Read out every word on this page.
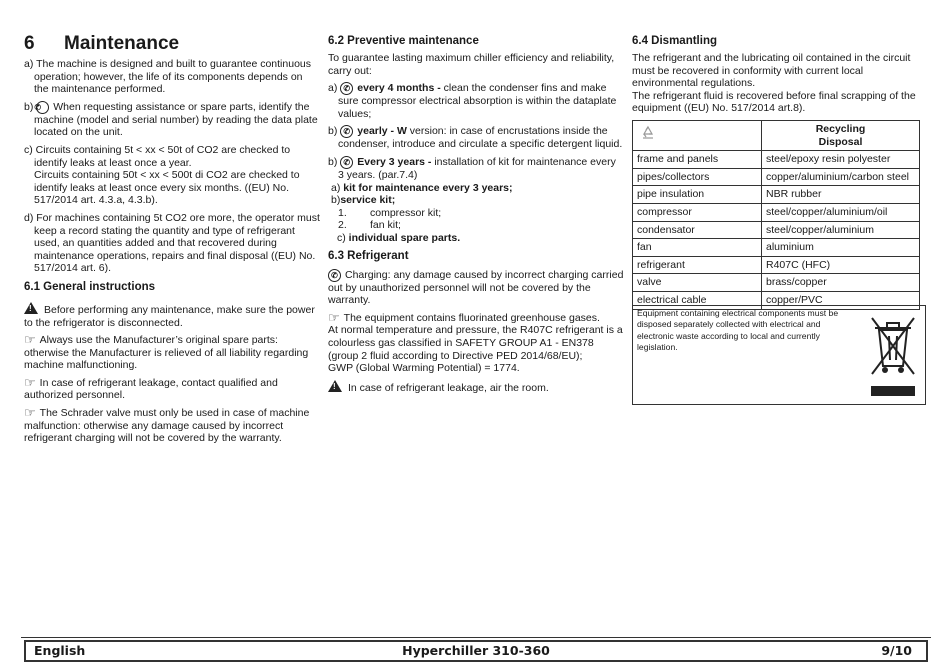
6 Maintenance

a) The machine is designed and built to guarantee continuous operation; however, the life of its components depends on the maintenance performed.

b) ✆ When requesting assistance or spare parts, identify the machine (model and serial number) by reading the data plate located on the unit.

c) Circuits containing 5t < xx < 50t of CO2 are checked to identify leaks at least once a year.

Circuits containing 50t < xx < 500t di CO2 are checked to identify leaks at least once every six months. ((EU) No. 517/2014 art. 4.3.a, 4.3.b).

d) For machines containing 5t CO2 ore more, the operator must keep a record stating the quantity and type of refrigerant used, an quantities added and that recovered during maintenance operations, repairs and final disposal ((EU) No. 517/2014 art. 6).

6.1 General instructions

!Before performing any maintenance, make sure the power to the refrigerator is disconnected.

☞ Always use the Manufacturer’s original spare parts: otherwise the Manufacturer is relieved of all liability regarding machine malfunctioning.

☞ In case of refrigerant leakage, contact qualified and authorized personnel.

☞ The Schrader valve must only be used in case of machine malfunction: otherwise any damage caused by incorrect refrigerant charging will not be covered by the warranty.

6.2 Preventive maintenance

To guarantee lasting maximum chiller efficiency and reliability, carry out:

a) ✆ every 4 months - clean the condenser fins and make sure compressor electrical absorption is within the dataplate values;

b) ✆ yearly - W version: in case of encrustations inside the condenser, introduce and circulate a specific detergent liquid.

b) ✆ Every 3 years - installation of kit for maintenance every 3 years. (par.7.4)

a) kit for maintenance every 3 years;
b)service kit;
1. compressor kit;
2. fan kit;
c) individual spare parts.
6.3 Refrigerant

✆ Charging: any damage caused by incorrect charging carried out by unauthorized personnel will not be covered by the warranty.

☞ The equipment contains fluorinated greenhouse gases.

At normal temperature and pressure, the R407C refrigerant is a colourless gas classified in SAFETY GROUP A1 - EN378 (group 2 fluid according to Directive PED 2014/68/EU);

GWP (Global Warming Potential) = 1774.

!In case of refrigerant leakage, air the room.

6.4 Dismantling

The refrigerant and the lubricating oil contained in the circuit must be recovered in conformity with current local environmental regulations.

The refrigerant fluid is recovered before final scrapping of the equipment ((EU) No. 517/2014 art.8).

Recycling
Disposal

frame and panels	steel/epoxy resin polyester
pipes/collectors	copper/aluminium/carbon steel
pipe insulation	NBR rubber
compressor	steel/copper/aluminium/oil
condensator	steel/copper/aluminium
fan	aluminium
refrigerant	R407C (HFC)
valve	brass/copper
electrical cable	copper/PVC
Equipment containing electrical components must be disposed separately collected with electrical and electronic waste according to local and currently legislation.
English	Hyperchiller 310-360	9/10
